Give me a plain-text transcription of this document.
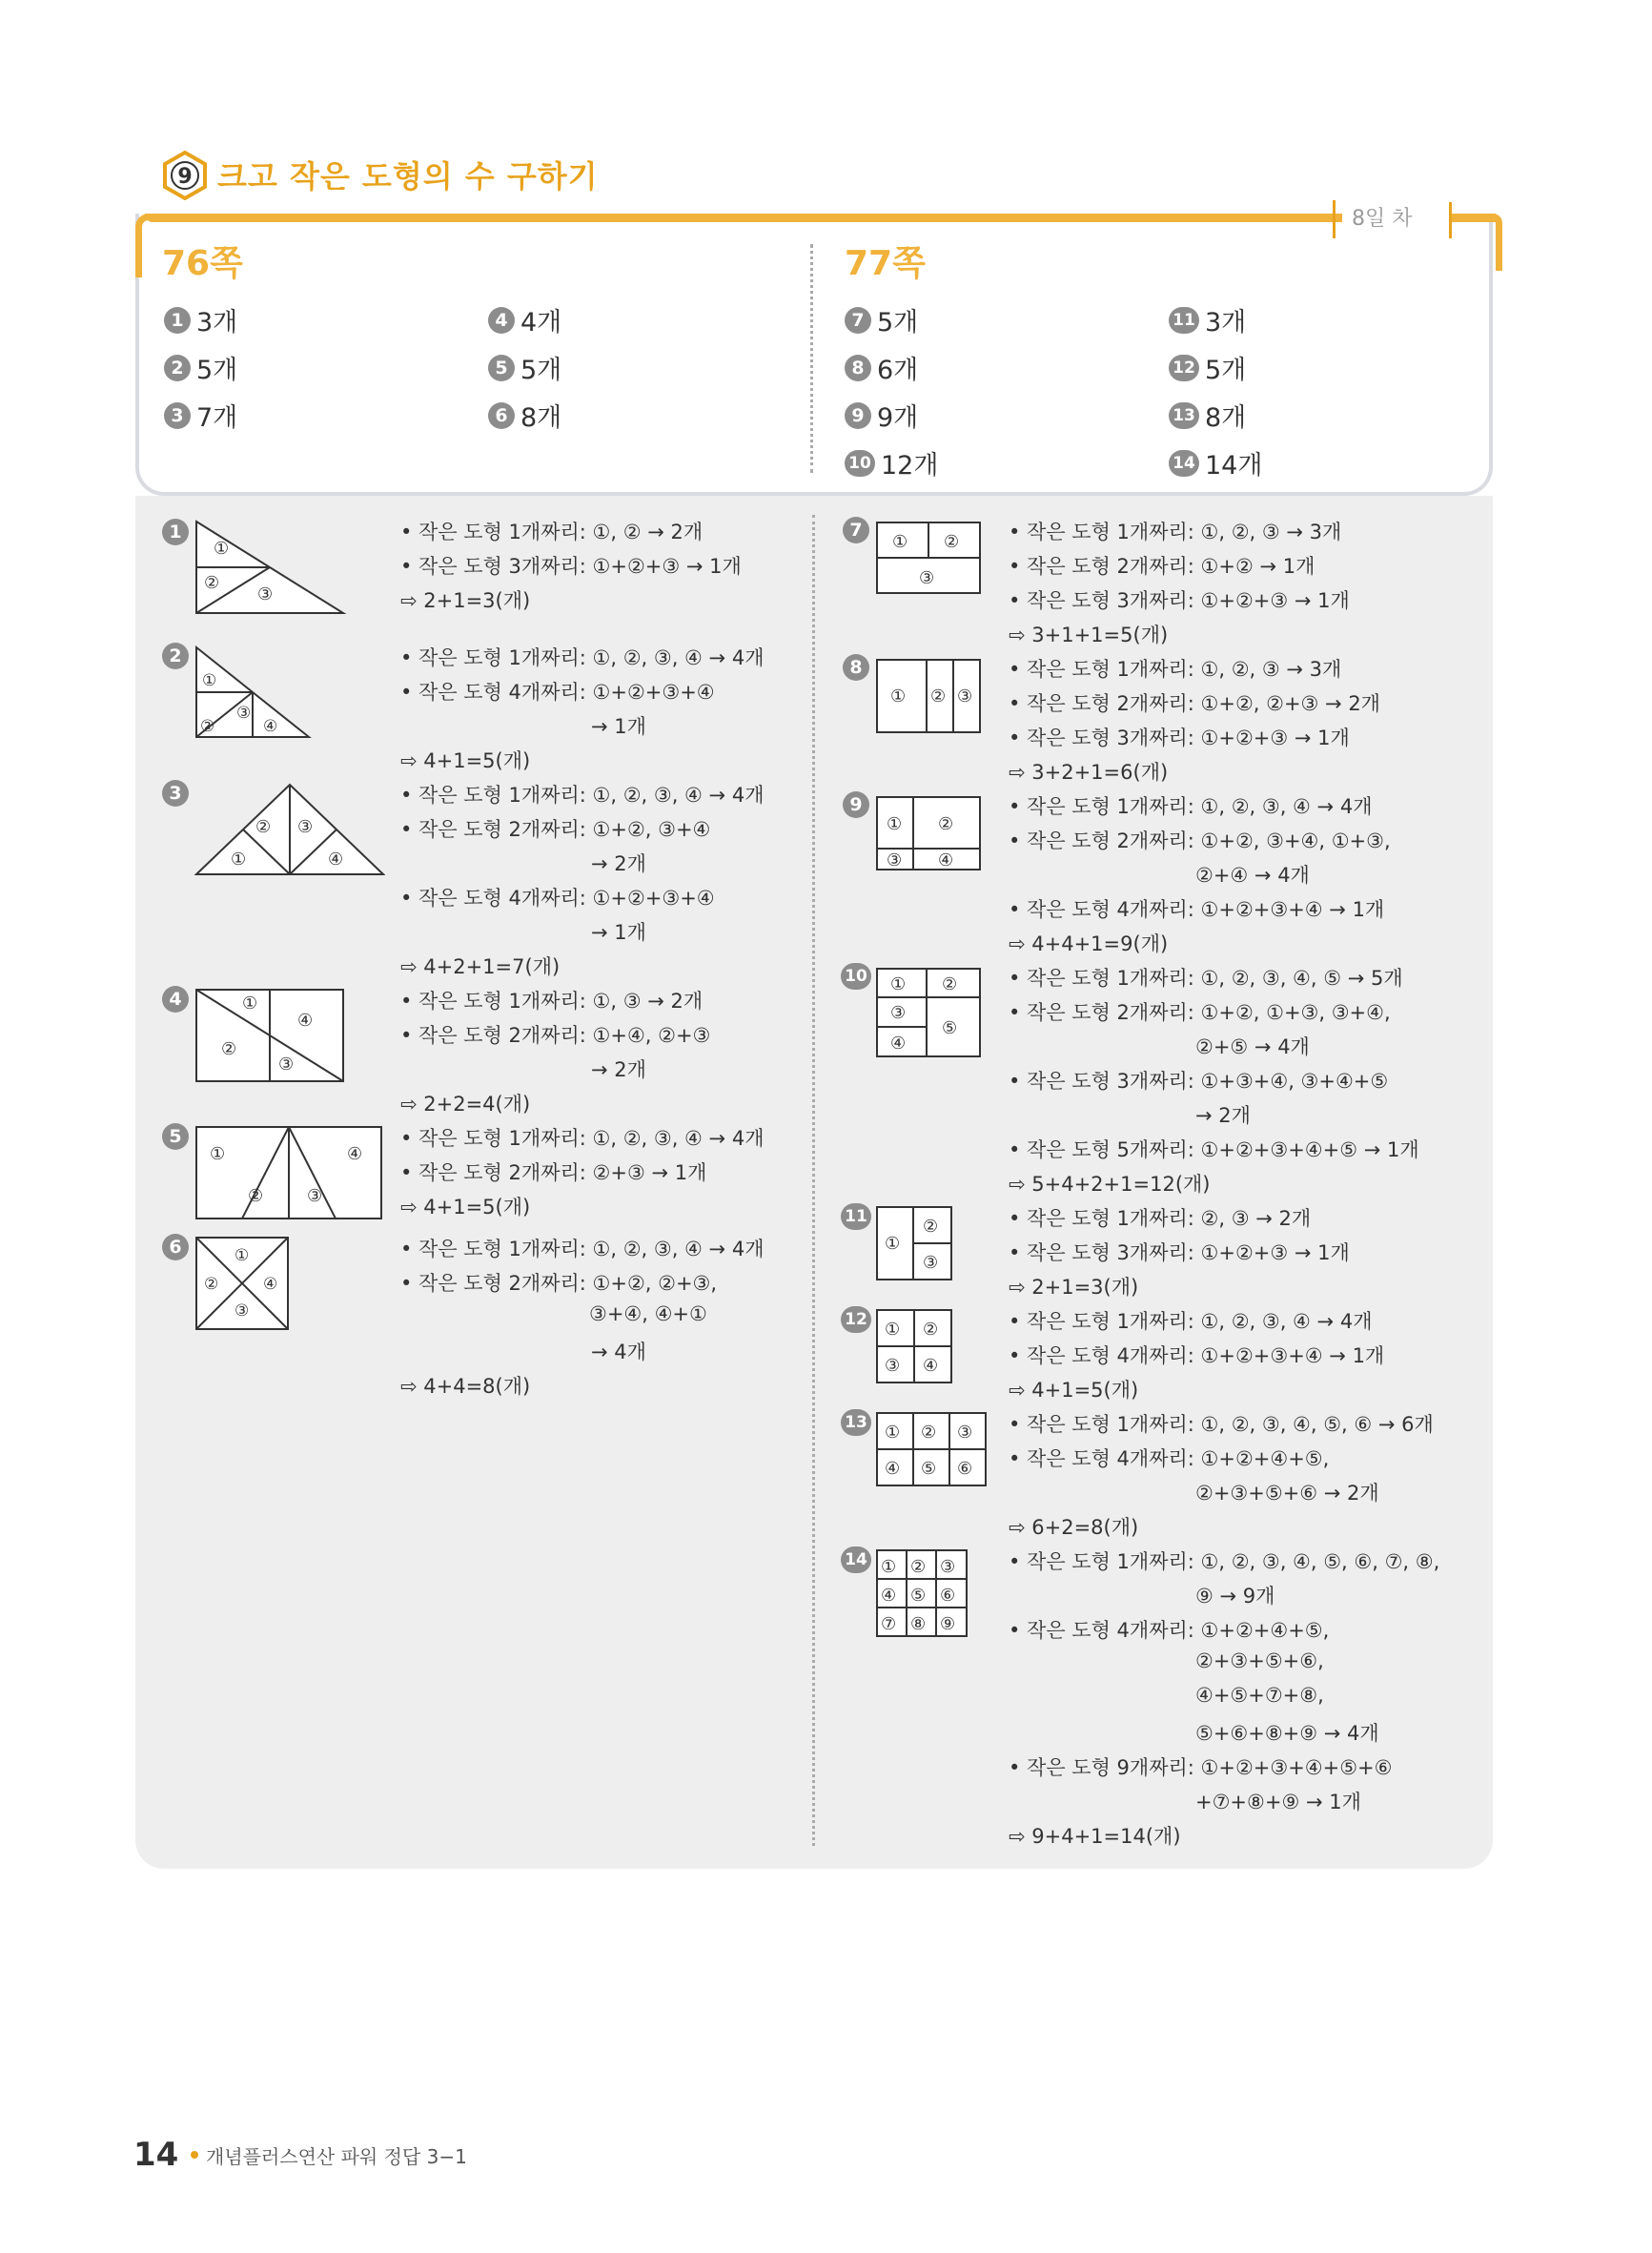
9 크고 작은 도형의 수 구하기
8일 차
76쪽	77쪽
1 3개
2 5개
3 7개
4 4개
5 5개
6 8개
7 5개
8 6개
9 9개
10 12개
11 3개
12 5개
13 8개
14 14개
1
①
②
③
• 작은 도형 1개짜리: ①, ② → 2개
• 작은 도형 3개짜리: ①+②+③ → 1개
⇨ 2+1=3(개)
2
①
③
②	④
• 작은 도형 1개짜리: ①, ②, ③, ④ → 4개
• 작은 도형 4개짜리: ①+②+③+④
→ 1개
⇨ 4+1=5(개)
3
② ③
①	④
• 작은 도형 1개짜리: ①, ②, ③, ④ → 4개
• 작은 도형 2개짜리: ①+②, ③+④
→ 2개
• 작은 도형 4개짜리: ①+②+③+④
→ 1개
⇨ 4+2+1=7(개)
4	①
④
②
③
• 작은 도형 1개짜리: ①, ③ → 2개
• 작은 도형 2개짜리: ①+④, ②+③
→ 2개
⇨ 2+2=4(개)
5
①
②	③
④
• 작은 도형 1개짜리: ①, ②, ③, ④ → 4개
• 작은 도형 2개짜리: ②+③ → 1개
⇨ 4+1=5(개)
6	①
②
③
④
• 작은 도형 1개짜리: ①, ②, ③, ④ → 4개
• 작은 도형 2개짜리: ①+②, ②+③,
③+④, ④+①
→ 4개
⇨ 4+4=8(개)
7
① ②
③
• 작은 도형 1개짜리: ①, ②, ③ → 3개
• 작은 도형 2개짜리: ①+② → 1개
• 작은 도형 3개짜리: ①+②+③ → 1개
⇨ 3+1+1=5(개)
8
① ② ③
• 작은 도형 1개짜리: ①, ②, ③ → 3개
• 작은 도형 2개짜리: ①+②, ②+③ → 2개
• 작은 도형 3개짜리: ①+②+③ → 1개
⇨ 3+2+1=6(개)
9
① ②
③ ④
• 작은 도형 1개짜리: ①, ②, ③, ④ → 4개
• 작은 도형 2개짜리: ①+②, ③+④, ①+③,
②+④ → 4개
• 작은 도형 4개짜리: ①+②+③+④ → 1개
⇨ 4+4+1=9(개)
10 ① ②
③
④
⑤
• 작은 도형 1개짜리: ①, ②, ③, ④, ⑤ → 5개
• 작은 도형 2개짜리: ①+②, ①+③, ③+④,
②+⑤ → 4개
• 작은 도형 3개짜리: ①+③+④, ③+④+⑤
→ 2개
• 작은 도형 5개짜리: ①+②+③+④+⑤ → 1개
⇨ 5+4+2+1=12(개)
11
①
②
③
• 작은 도형 1개짜리: ②, ③ → 2개
• 작은 도형 3개짜리: ①+②+③ → 1개
⇨ 2+1=3(개)
12 ① ②
③ ④
• 작은 도형 1개짜리: ①, ②, ③, ④ → 4개
• 작은 도형 4개짜리: ①+②+③+④ → 1개
⇨ 4+1=5(개)
13 ① ② ③
④ ⑤ ⑥
• 작은 도형 1개짜리: ①, ②, ③, ④, ⑤, ⑥ → 6개
• 작은 도형 4개짜리: ①+②+④+⑤,
②+③+⑤+⑥ → 2개
⇨ 6+2=8(개)
14 ① ② ③
④ ⑤ ⑥
⑦ ⑧ ⑨
• 작은 도형 1개짜리: ①, ②, ③, ④, ⑤, ⑥, ⑦, ⑧,
⑨ → 9개
• 작은 도형 4개짜리: ①+②+④+⑤,
②+③+⑤+⑥,
④+⑤+⑦+⑧,
⑤+⑥+⑧+⑨ → 4개
• 작은 도형 9개짜리: ①+②+③+④+⑤+⑥
+⑦+⑧+⑨ → 1개
⇨ 9+4+1=14(개)
14 개념플러스연산 파워 정답 3−1
